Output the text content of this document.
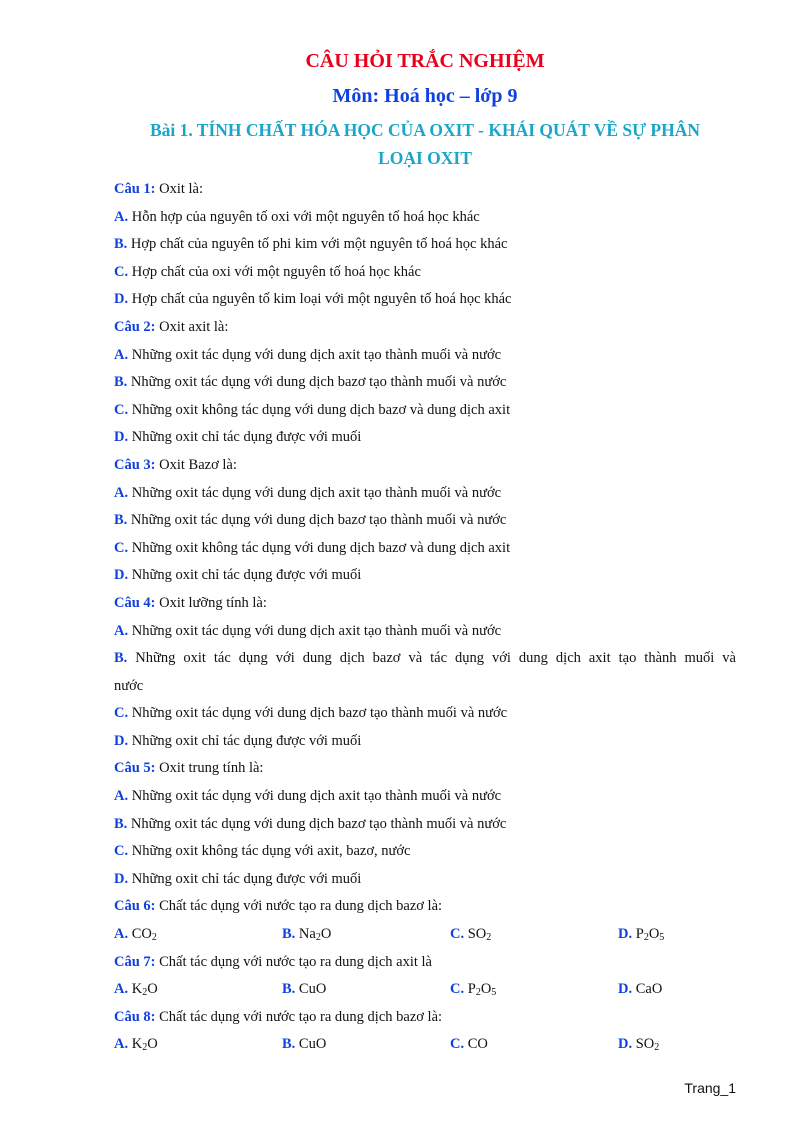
CÂU HỎI TRẮC NGHIỆM
Môn: Hoá học – lớp 9
Bài 1. TÍNH CHẤT HÓA HỌC CỦA OXIT - KHÁI QUÁT VỀ SỰ PHÂN
LOẠI OXIT
Câu 1: Oxit là:
A. Hỗn hợp của nguyên tố oxi với một nguyên tố hoá học khác
B. Hợp chất của nguyên tố phi kim với một nguyên tố hoá học khác
C. Hợp chất của oxi với một nguyên tố hoá học khác
D. Hợp chất của nguyên tố kim loại với một nguyên tố hoá học khác
Câu 2: Oxit axit là:
A. Những oxit tác dụng với dung dịch axit tạo thành muối và nước
B. Những oxit tác dụng với dung dịch bazơ tạo thành muối và nước
C. Những oxit không tác dụng với dung dịch bazơ và dung dịch axit
D. Những oxit chỉ tác dụng được với muối
Câu 3: Oxit Bazơ là:
A. Những oxit tác dụng với dung dịch axit tạo thành muối và nước
B. Những oxit tác dụng với dung dịch bazơ tạo thành muối và nước
C. Những oxit không tác dụng với dung dịch bazơ và dung dịch axit
D. Những oxit chỉ tác dụng được với muối
Câu 4: Oxit lưỡng tính là:
A. Những oxit tác dụng với dung dịch axit tạo thành muối và nước
B. Những oxit tác dụng với dung dịch bazơ và tác dụng với dung dịch axit tạo thành muối và
nước
C. Những oxit tác dụng với dung dịch bazơ tạo thành muối và nước
D. Những oxit chỉ tác dụng được với muối
Câu 5: Oxit trung tính là:
A. Những oxit tác dụng với dung dịch axit tạo thành muối và nước
B. Những oxit tác dụng với dung dịch bazơ tạo thành muối và nước
C. Những oxit không tác dụng với axit, bazơ, nước
D. Những oxit chỉ tác dụng được với muối
Câu 6: Chất tác dụng với nước tạo ra dung dịch bazơ là:
A. $CO_2$	B. $Na_2O$	C. $SO_2$	D. $P_2O_5$
Câu 7: Chất tác dụng với nước tạo ra dung dịch axit là
A. $K_2O$	B. CuO	C. $P_2O_5$	D. CaO
Câu 8: Chất tác dụng với nước tạo ra dung dịch bazơ là:
A. $K_2O$	B. CuO	C. CO	D. $SO_2$
Trang_1
